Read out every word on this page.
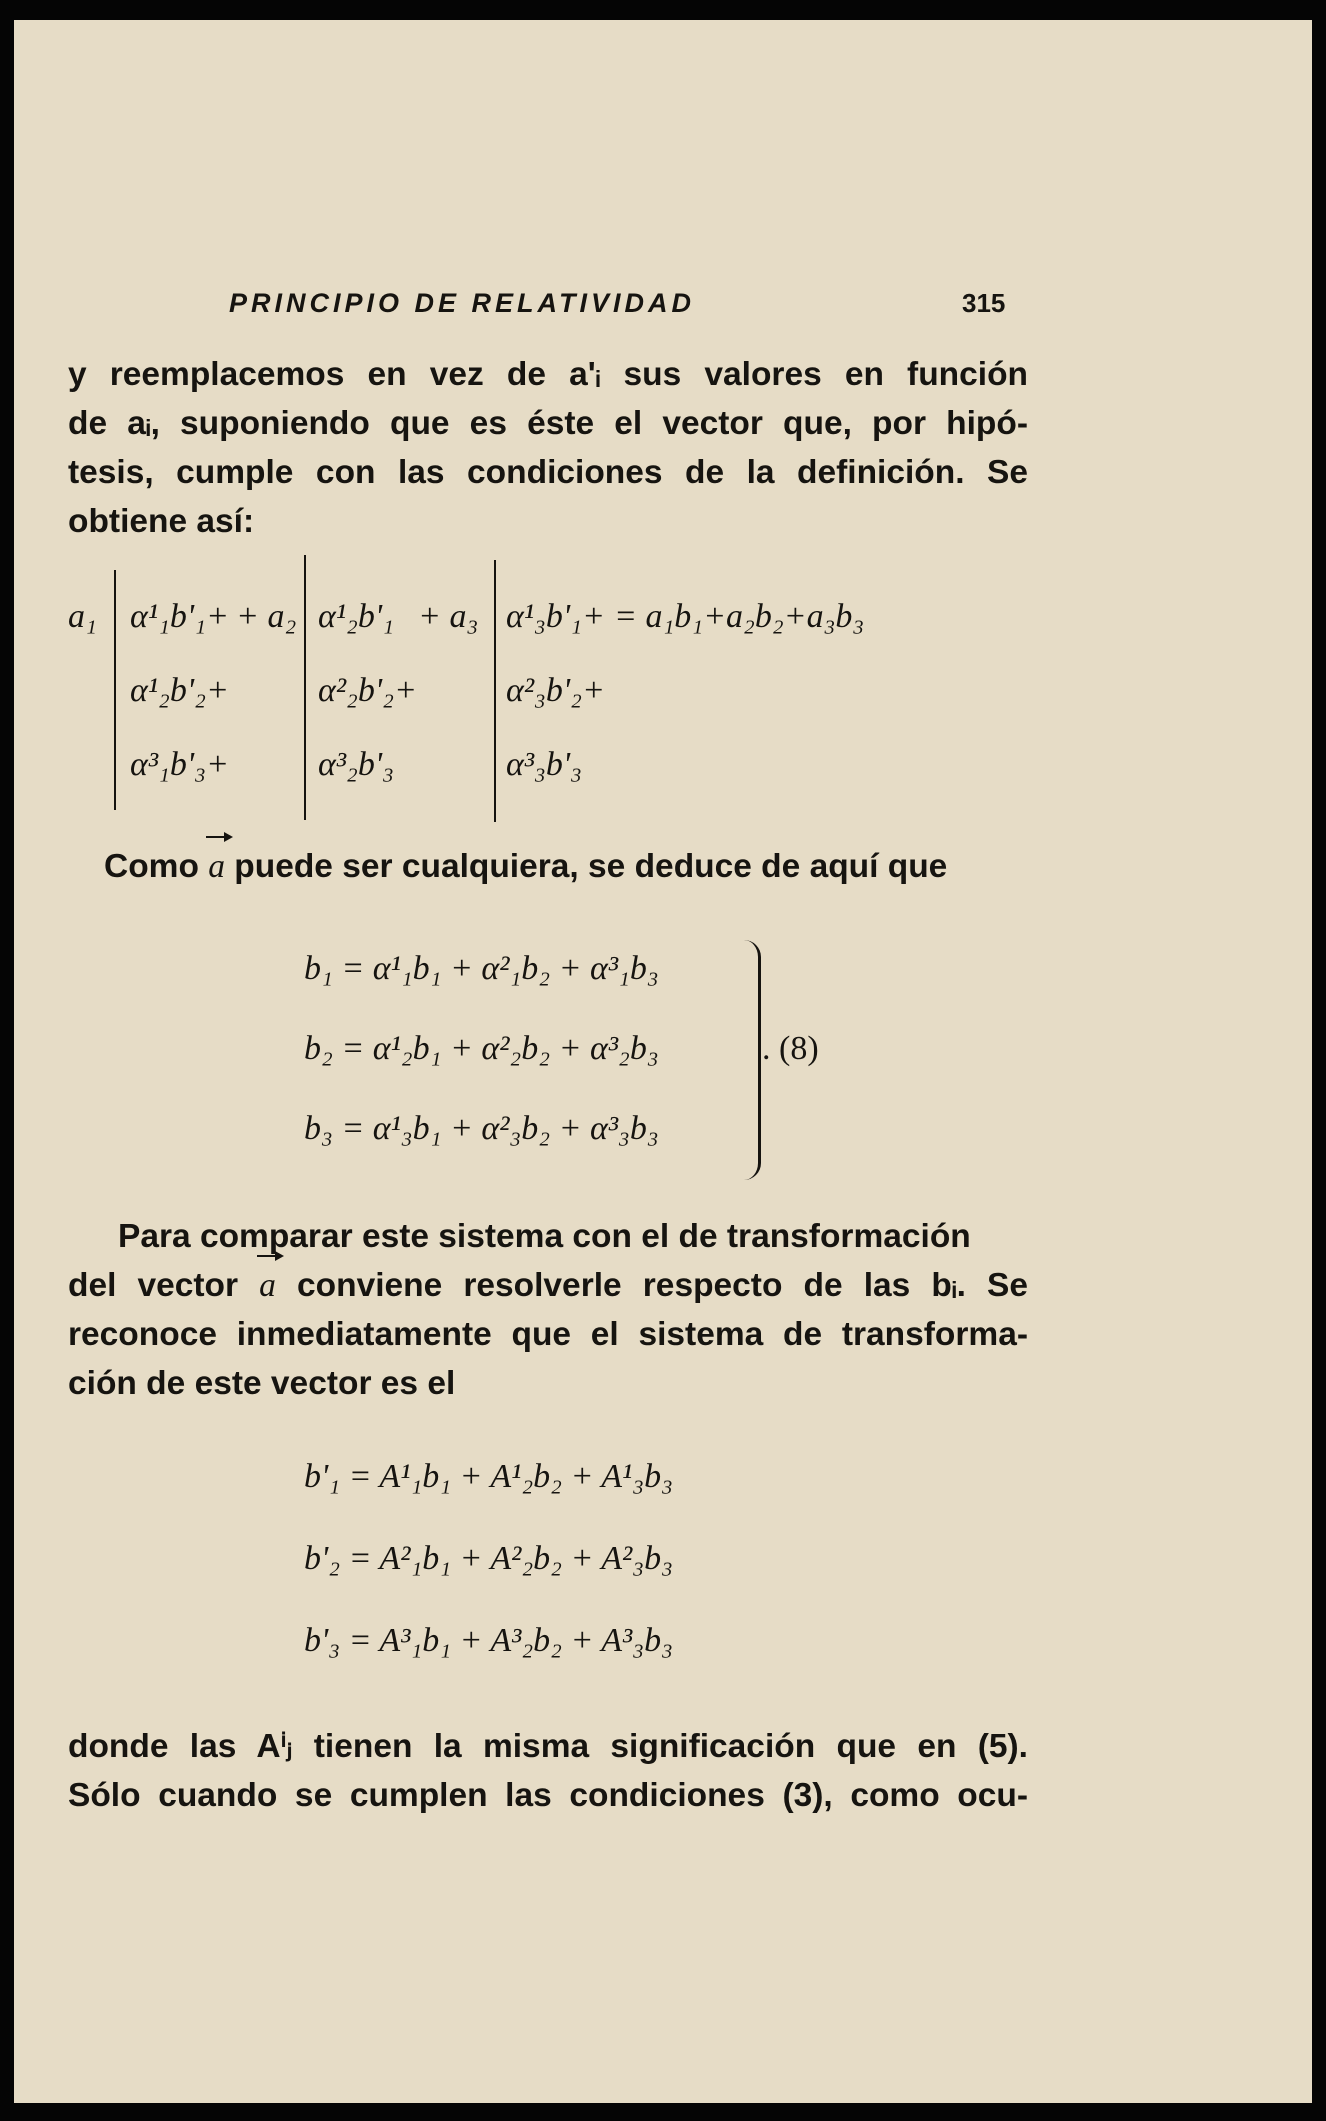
PRINCIPIO DE RELATIVIDAD	315
y reemplacemos en vez de a'ᵢ sus valores en función
de aᵢ, suponiendo que es éste el vector que, por hipó-
tesis, cumple con las condiciones de la definición. Se
obtiene así:
a₁ α¹₁b'₁+
α¹₂b'₂+
α³₁b'₃+
+ a₂ α¹₂b'₁
α²₂b'₂+
α³₂b'₃
+ a₃ α¹₃b'₁+
α²₃b'₂+
α³₃b'₃
= a₁b₁+a₂b₂+a₃b₃
Como a puede ser cualquiera, se deduce de aquí que
b₁ = α¹₁b₁ + α²₁b₂ + α³₁b₃
b₂ = α¹₂b₁ + α²₂b₂ + α³₂b₃
b₃ = α¹₃b₁ + α²₃b₂ + α³₃b₃
. (8)
Para comparar este sistema con el de transformación
del vector a conviene resolverle respecto de las bᵢ. Se
reconoce inmediatamente que el sistema de transforma-
ción de este vector es el
b'₁ = A¹₁b₁ + A¹₂b₂ + A¹₃b₃
b'₂ = A²₁b₁ + A²₂b₂ + A²₃b₃
b'₃ = A³₁b₁ + A³₂b₂ + A³₃b₃
donde las Aⁱⱼ tienen la misma significación que en (5).
Sólo cuando se cumplen las condiciones (3), como ocu-
